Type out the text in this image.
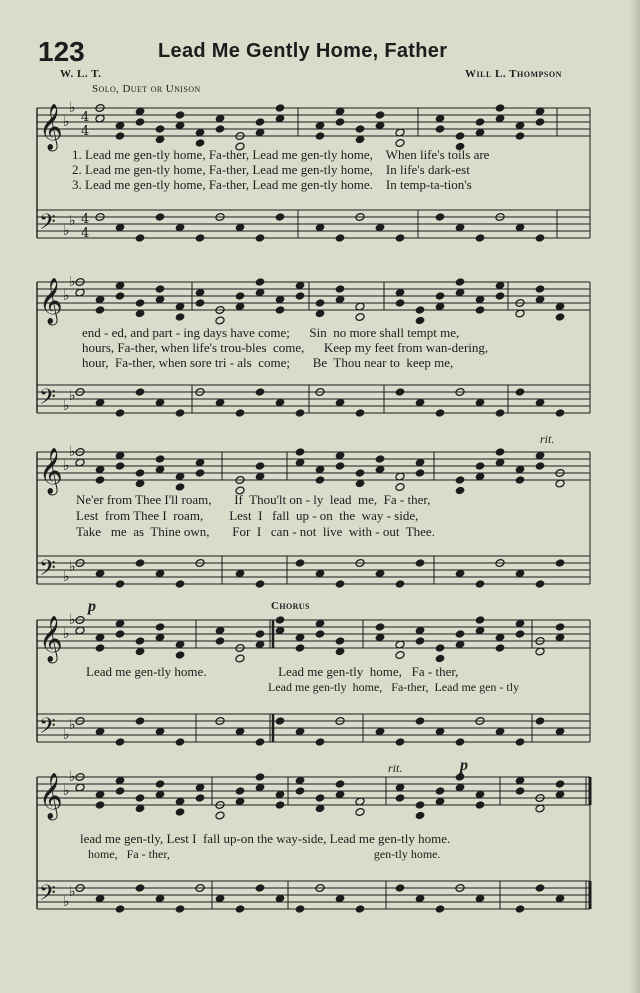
123	Lead Me Gently Home, Father
W. L. T.	Will L. Thompson
Solo, Duet or Unison
𝄞
𝄢
♭
♭
♭
♭
4
4
4
4
𝄞
𝄢
♭
♭
♭
♭
𝄞
𝄢
♭
♭
♭
♭
𝄞
𝄢
♭
♭
♭
♭
𝄞
𝄢
♭
♭
♭
♭
1. Lead me gen-tly home, Fa-ther, Lead me gen-tly home,    When life's toils are
2. Lead me gen-tly home, Fa-ther, Lead me gen-tly home,    In life's dark-est
3. Lead me gen-tly home, Fa-ther, Lead me gen-tly home.    In temp-ta-tion's
end - ed, and part - ing days have come;      Sin  no more shall tempt me,
hours, Fa-ther, when life's trou-bles  come,      Keep my feet from wan-dering,
hour,  Fa-ther, when sore tri - als  come;       Be  Thou near to  keep me,
Ne'er from Thee I'll roam,       If  Thou'lt on - ly  lead  me,  Fa - ther,
Lest  from Thee I  roam,        Lest  I   fall  up - on  the  way - side,
Take   me  as  Thine own,       For  I   can - not  live  with - out  Thee.
Lead me gen-tly home.                      Lead me gen-tly  home,   Fa - ther,
Lead me gen-tly  home,   Fa-ther,  Lead me gen - tly
lead me gen-tly, Lest I  fall up-on the way-side, Lead me gen-tly home.
home,   Fa - ther,                                                                    gen-tly home.
Chorus
p
p
rit.
rit.
